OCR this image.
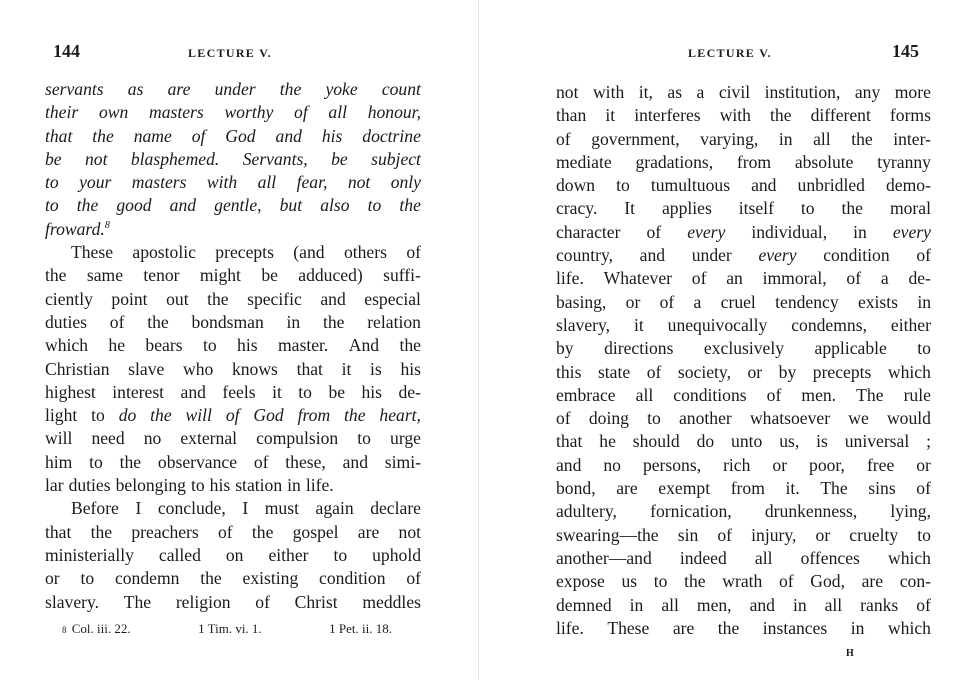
144	LECTURE V.

servants as are under the yoke count
their own masters worthy of all honour,
that the name of God and his doctrine
be not blasphemed. Servants, be subject
to your masters with all fear, not only
to the good and gentle, but also to the
froward.$^8$
These apostolic precepts (and others of
the same tenor might be adduced) suffi-
ciently point out the specific and especial
duties of the bondsman in the relation
which he bears to his master. And the
Christian slave who knows that it is his
highest interest and feels it to be his de-
light to do the will of God from the heart,
will need no external compulsion to urge
him to the observance of these, and simi-
lar duties belonging to his station in life.
Before I conclude, I must again declare
that the preachers of the gospel are not
ministerially called on either to uphold
or to condemn the existing condition of
slavery. The religion of Christ meddles
8 Col. iii. 22.	1 Tim. vi. 1.	1 Pet. ii. 18.

LECTURE V.	145

not with it, as a civil institution, any more
than it interferes with the different forms
of government, varying, in all the inter-
mediate gradations, from absolute tyranny
down to tumultuous and unbridled demo-
cracy. It applies itself to the moral
character of every individual, in every
country, and under every condition of
life. Whatever of an immoral, of a de-
basing, or of a cruel tendency exists in
slavery, it unequivocally condemns, either
by directions exclusively applicable to
this state of society, or by precepts which
embrace all conditions of men. The rule
of doing to another whatsoever we would
that he should do unto us, is universal ;
and no persons, rich or poor, free or
bond, are exempt from it. The sins of
adultery, fornication, drunkenness, lying,
swearing—the sin of injury, or cruelty to
another—and indeed all offences which
expose us to the wrath of God, are con-
demned in all men, and in all ranks of
life. These are the instances in which
H
